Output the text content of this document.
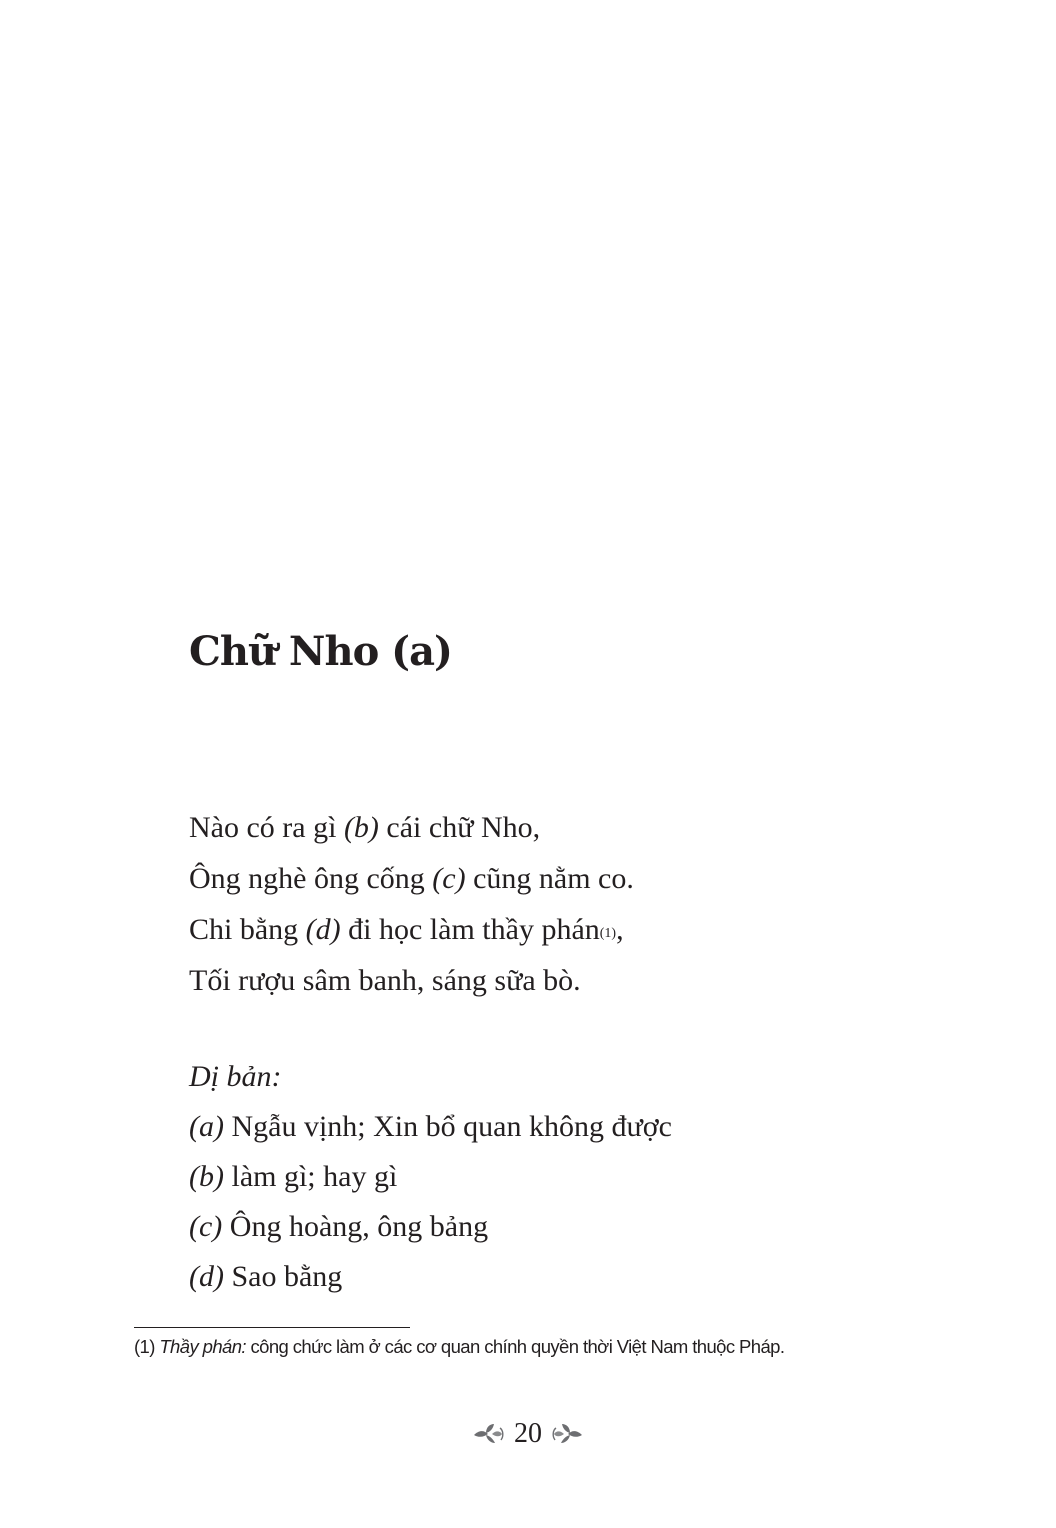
Chữ Nho (a)
Nào có ra gì (b) cái chữ Nho,
Ông nghè ông cống (c) cũng nằm co.
Chi bằng (d) đi học làm thầy phán$^{(1)}$,
Tối rượu sâm banh, sáng sữa bò.
Dị bản:
(a) Ngẫu vịnh; Xin bổ quan không được
(b) làm gì; hay gì
(c) Ông hoàng, ông bảng
(d) Sao bằng
(1) Thầy phán: công chức làm ở các cơ quan chính quyền thời Việt Nam thuộc Pháp.
20
